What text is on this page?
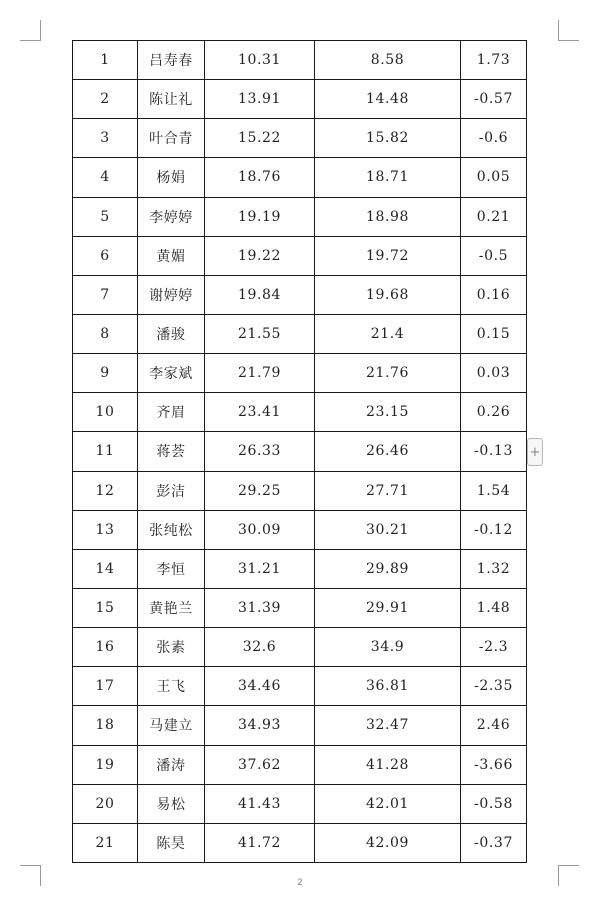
1	吕寿春	10.31	8.58	1.73
2	陈让礼	13.91	14.48	-0.57
3	叶合青	15.22	15.82	-0.6
4	杨娟	18.76	18.71	0.05
5	李婷婷	19.19	18.98	0.21
6	黄媚	19.22	19.72	-0.5
7	谢婷婷	19.84	19.68	0.16
8	潘骏	21.55	21.4	0.15
9	李家斌	21.79	21.76	0.03
10	齐眉	23.41	23.15	0.26
11	蒋荟	26.33	26.46	-0.13
12	彭洁	29.25	27.71	1.54
13	张纯松	30.09	30.21	-0.12
14	李恒	31.21	29.89	1.32
15	黄艳兰	31.39	29.91	1.48
16	张素	32.6	34.9	-2.3
17	王飞	34.46	36.81	-2.35
18	马建立	34.93	32.47	2.46
19	潘涛	37.62	41.28	-3.66
20	易松	41.43	42.01	-0.58
21	陈昊	41.72	42.09	-0.37
+
2
